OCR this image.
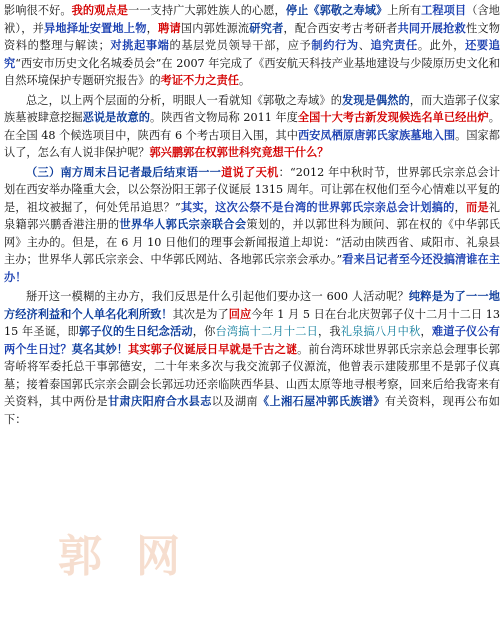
影响很不好。我的观点是一一支持广大郭姓族人的心愿，停止《郭敬之寿域》上所有工程项目（含地袱），并异地择址安置地上物，聘请国内郭姓源流研究者，配合西安考古考研者共同开展抢救性文物资料的整理与解读；对挑起事端的基层党员领导干部，应予制约行为、追究责任。此外，还要追究“西安市历史文化名城委员会”在 2007 年完成了《西安航天科技产业基地建设与少陵原历史文化和自然环境保护专题研究报告》的考证不力之责任。

总之，以上两个层面的分析，明眼人一看就知《郭敬之寿域》的发现是偶然的，而大造郭子仪家族墓被肆意挖掘恶说是故意的。陕西省文物局称 2011 年度全国十大考古新发现候选名单已经出炉。在全国 48 个候选项目中，陕西有 6 个考古项目入围，其中西安凤栖原唐郭氏家族墓地入围。国家都认了，怎么有人说非保护呢？郭兴鹏郭在权郭世科究竟想干什么？

（三）南方周末吕记者最后结束语一一道说了天机：“2012 年中秋时节，世界郭氏宗亲总会计划在西安举办隆重大会，以公祭汾阳王郭子仪诞辰 1315 周年。可让郭在权他们至今心情难以平复的是，祖坟被掘了，何处凭吊追思？”其实，这次公祭不是台湾的世界郭氏宗亲总会计划搞的，而是礼泉籍郭兴鹏香港注册的世界华人郭氏宗亲联合会策划的，并以郭世科为顾问、郭在权的《中华郭氏网》主办的。但是，在 6 月 10 日他们的理事会新闻报道上却说：“活动由陕西省、咸阳市、礼泉县主办；世界华人郭氏宗亲会、中华郭氏网站、各地郭氏宗亲会承办。”看来吕记者至今还没搞清谁在主办！

掰开这一模糊的主办方，我们反思是什么引起他们要办这一 600 人活动呢？纯粹是为了一一地方经济利益和个人单名化利所致！其次是为了回应今年 1 月 5 日在台北庆贺郭子仪十二月十二日 1315 年圣诞，即郭子仪的生日纪念活动，你台湾搞十二月十二日，我礼泉搞八月中秋，难道子仪公有两个生日过？莫名其妙！其实郭子仪诞辰日早就是千古之谜。前台湾环球世界郭氏宗亲总会理事长郭寄峤将军委托总干事郭德安，二十年来多次与我交流郭子仪源流，他曾表示建陵那里不是郭子仪真墓；接着泰国郭氏宗亲会副会长郭远功还亲临陕西华县、山西太原等地寻根考察，回来后给我寄来有关资料，其中两份是甘肃庆阳府合水县志以及湖南《上湘石屋冲郭氏族谱》有关资料，现再公布如下：

郭网
